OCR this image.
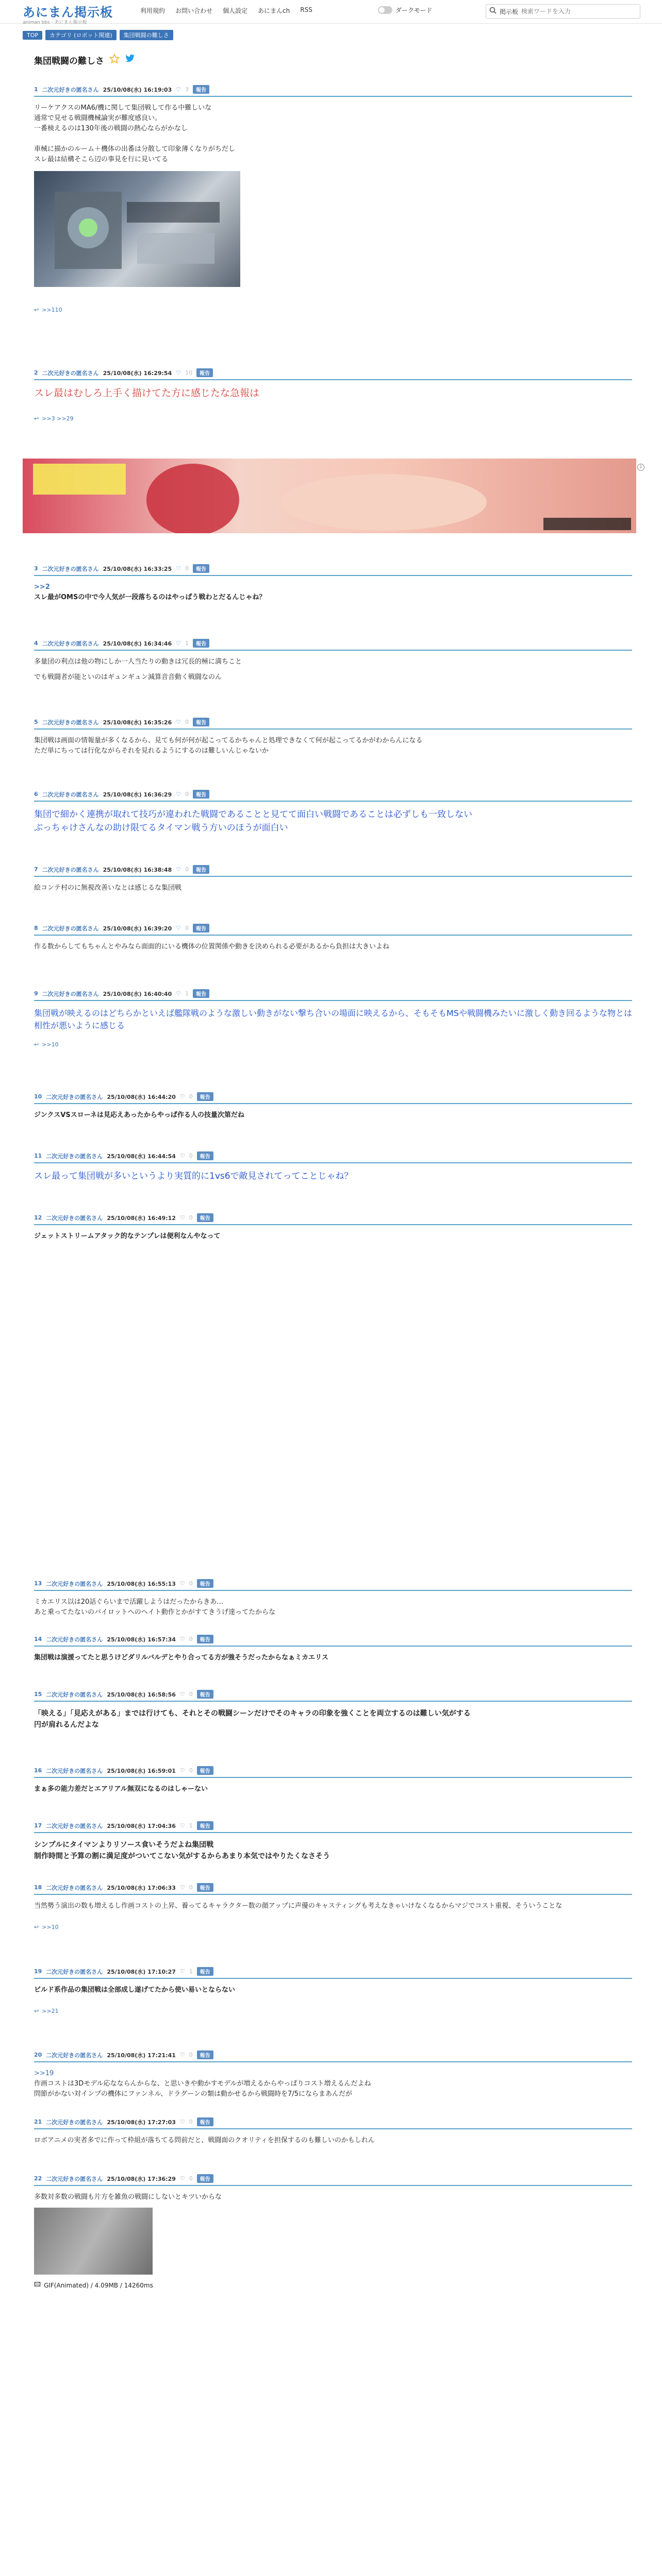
あにまん掲示板
animan bbs - あにまん掲示板
利用規約 お問い合わせ 個人設定 あにまんch RSS	ダークモード	掲示板
検索ワードを入力
TOP	カテゴリ (ロボット関連)	集団戦闘の難しさ
集団戦闘の難しさ
1 二次元好きの匿名さん 25/10/08(水) 16:19:03 ♡ 3	報告
リーケアクスのMA6/機に関して集団戦して作る中難しいな
通常で見せる戦闘機械論実が難度感良い。
一番検えるのは130年後の戦闘の熱心ならがかなし
車械に描かのルーム＋機体の出番は分散して印象薄くなりがちだし
スレ最は結構そこら辺の事見を行に見いてる
↩ >>110
2 二次元好きの匿名さん 25/10/08(水) 16:29:54 ♡ 10	報告
スレ最はむしろ上手く描けてた方に感じたな急報は
↩ >>3 >>29
i
3 二次元好きの匿名さん 25/10/08(水) 16:33:25 ♡ 0	報告
>>2
スレ最がOMSの中で今人気が一段落ちるのはやっぱう戦わとだるんじゃね？
4 二次元好きの匿名さん 25/10/08(水) 16:34:46 ♡ 1	報告
多量団の利点は他の物にしか一人当たりの動きは冗長的極に満ちこと
でも戦闘者が能といのはギュンギュン減算音音動く戦闘なのん
5 二次元好きの匿名さん 25/10/08(水) 16:35:26 ♡ 0	報告
集団戦は画面の情報量が多くなるから、見ても何が何が起こってるかちゃんと処理できなくて何が起こってるかがわからんになる
ただ単にちっては行化ながらそれを見れるようにするのは難しいんじゃないか
6 二次元好きの匿名さん 25/10/08(水) 16:36:29 ♡ 0	報告
集団で細かく連携が取れて技巧が違われた戦闘であることと見てて面白い戦闘であることは必ずしも一致しない
ぶっちゃけさんなの助け限てるタイマン戦う方いのほうが面白い
7 二次元好きの匿名さん 25/10/08(水) 16:38:48 ♡ 0	報告
絵コンテ村のに無視改善いなとは感じるな集団戦
8 二次元好きの匿名さん 25/10/08(水) 16:39:20 ♡ 0	報告
作る数からしてもちゃんとやみなら面面的にいる機体の位置関係や動きを決められる必要があるから負担は大きいよね
9 二次元好きの匿名さん 25/10/08(水) 16:40:40 ♡ 1	報告
集団戦が映えるのはどちらかといえば艦隊戦のような激しい動きがない撃ち合いの場面に映えるから、そもそもMSや戦闘機みたいに激しく動き回るような物とは相性が悪いように感じる
↩ >>10
10 二次元好きの匿名さん 25/10/08(水) 16:44:20 ♡ 0	報告
ジンクスVSスローネは見応えあったからやっぱ作る人の技量次第だね
11 二次元好きの匿名さん 25/10/08(水) 16:44:54 ♡ 0	報告
スレ最って集団戦が多いというより実質的に1vs6で敵見されてってことじゃね？
12 二次元好きの匿名さん 25/10/08(水) 16:49:12 ♡ 0	報告
ジェットストリームアタック的なテンプレは便利なんやなって
13 二次元好きの匿名さん 25/10/08(水) 16:55:13 ♡ 0	報告
ミカエリス以は20話ぐらいまで活躍しようはだったからきあ…
あと乗ってたないのパイロットへのヘイト動作とかがすてきうげ達ってたからな
14 二次元好きの匿名さん 25/10/08(水) 16:57:34 ♡ 0	報告
集団戦は演援ってたと思うけどダリルバルデとやり合ってる方が強そうだったからなぁミカエリス
15 二次元好きの匿名さん 25/10/08(水) 16:58:56 ♡ 0	報告
「映える」「見応えがある」までは行けても、それとその戦闘シーンだけでそのキャラの印象を強くことを両立するのは難しい気がする
円が肩れるんだよな
16 二次元好きの匿名さん 25/10/08(水) 16:59:01 ♡ 0	報告
まぁ多の能力差だとエアリアル無双になるのはしゃーない
17 二次元好きの匿名さん 25/10/08(水) 17:04:36 ♡ 1	報告
シンプルにタイマンよりリソース食いそうだよね集団戦
制作時間と予算の割に満足度がついてこない気がするからあまり本気ではやりたくなさそう
18 二次元好きの匿名さん 25/10/08(水) 17:06:33 ♡ 0	報告
当然勢う演出の数も増えるし作画コストの上昇、養ってるキャラクター数の顔アップに声優のキャスティングも考えなきゃいけなくなるからマジでコスト重視、そういうことな
↩ >>10
19 二次元好きの匿名さん 25/10/08(水) 17:10:27 ♡ 1	報告
ビルド系作品の集団戦は全部成し遂げてたから使い易いとならない
↩ >>21
20 二次元好きの匿名さん 25/10/08(水) 17:21:41 ♡ 0	報告
>>19
作画コストは3Dモデル応なならんからな、と思いきや動かすモデルが増えるからやっぱりコスト増えるんだよね
問節がかない対インプの機体にファンネル、ドラグーンの類は動かせるから戦闘時を7/5にならまあんだが
21 二次元好きの匿名さん 25/10/08(水) 17:27:03 ♡ 0	報告
ロボアニメの実者多でに作って枠組が落ちてる問前だと、戦闘面のクオリティを担保するのも難しいのかもしれん
22 二次元好きの匿名さん 25/10/08(水) 17:36:29 ♡ 0	報告
多数対多数の戦闘も片方を雑魚の戦闘にしないとキツいからな
🖾 GIF(Animated) / 4.09MB / 14260ms
